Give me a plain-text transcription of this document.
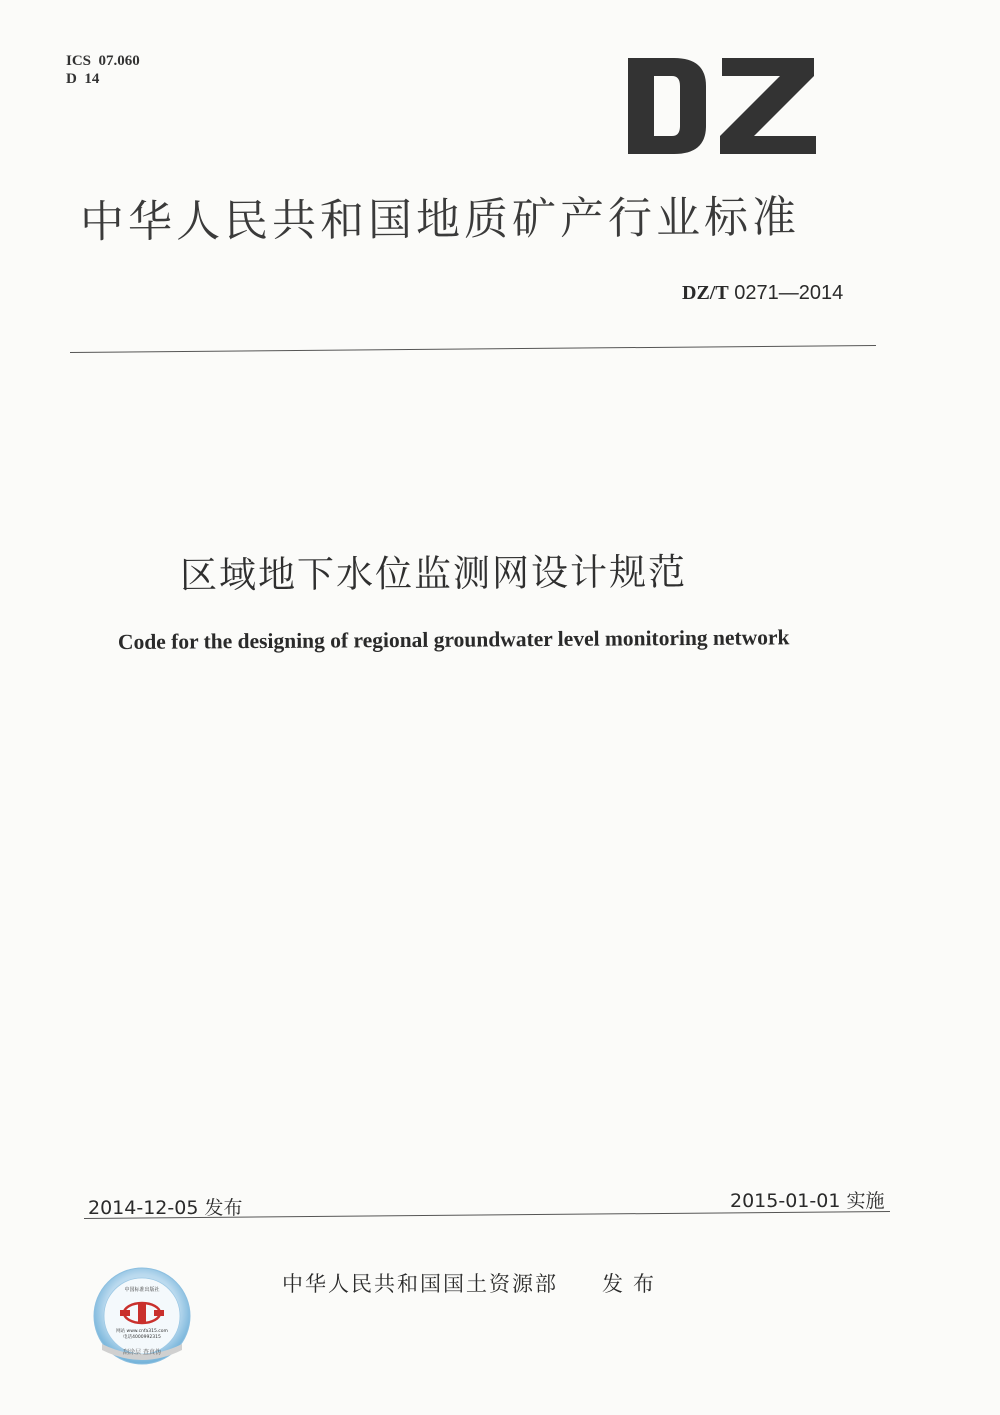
ICS  07.060
D  14
中华人民共和国地质矿产行业标准
DZ/T 0271—2014
区域地下水位监测网设计规范
Code for the designing of regional groundwater level monitoring network
2014-12-05 发布	2015-01-01 实施
中国标准出版社
网站 www.cnfa315.com
电话4000992315
刮涂层 查真伪
中华人民共和国国土资源部 发布
